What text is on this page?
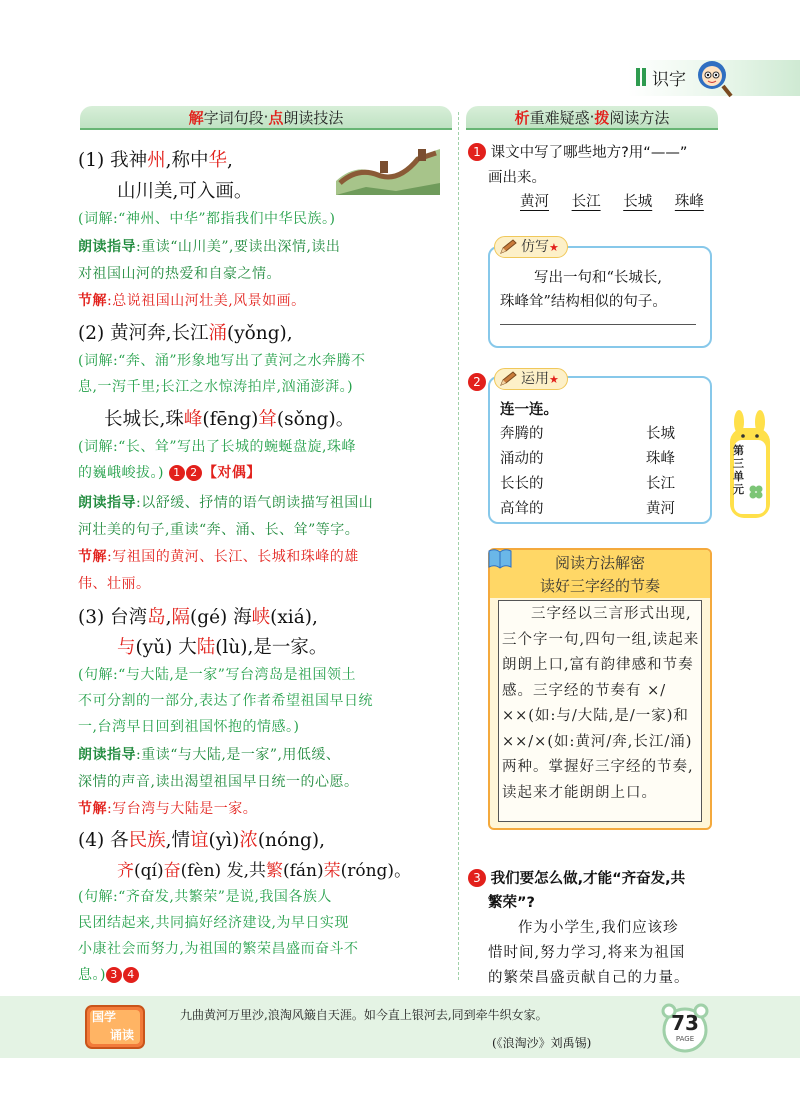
识字
解 字词句段 · 点 朗读技法	析 重难疑惑 · 拨 阅读方法
(1) 我神州,称中华,
山川美,可入画。
(词解:“神州、中华”都指我们中华民族。)
朗读指导:重读“山川美”,要读出深情,读出
对祖国山河的热爱和自豪之情。
节解:总说祖国山河壮美,风景如画。
(2) 黄河奔,长江涌(yǒng),
(词解:“奔、涌”形象地写出了黄河之水奔腾不
息,一泻千里;长江之水惊涛拍岸,汹涌澎湃。)
长城长,珠峰(fēng)耸(sǒng)。
(词解:“长、耸”写出了长城的蜿蜒盘旋,珠峰
的巍峨峻拔。) 1 2 【对偶】
朗读指导:以舒缓、抒情的语气朗读描写祖国山
河壮美的句子,重读“奔、涌、长、耸”等字。
节解:写祖国的黄河、长江、长城和珠峰的雄
伟、壮丽。
(3) 台湾岛,隔(gé) 海峡(xiá),
与(yǔ) 大陆(lù),是一家。
(句解:“与大陆,是一家”写台湾岛是祖国领土
不可分割的一部分,表达了作者希望祖国早日统
一,台湾早日回到祖国怀抱的情感。)
朗读指导:重读“与大陆,是一家”,用低缓、
深情的声音,读出渴望祖国早日统一的心愿。
节解:写台湾与大陆是一家。
(4) 各民族,情谊(yì)浓(nóng),
齐(qí)奋(fèn) 发,共繁(fán)荣(róng)。
(句解:“齐奋发,共繁荣”是说,我国各族人
民团结起来,共同搞好经济建设,为早日实现
小康社会而努力,为祖国的繁荣昌盛而奋斗不
息。) 3 4
1 课文中写了哪些地方?用“——”
画出来。
黄河 长江 长城 珠峰
仿写★
写出一句和“长城长,
珠峰耸”结构相似的句子。
2	运用★
连一连。
奔腾的
涌动的
长长的
高耸的
长城
珠峰
长江
黄河
第
三
单
元
阅读方法解密
读好三字经的节奏
三字经以三言形式出现,三个字一句,四句一组,读起来朗朗上口,富有韵律感和节奏感。三字经的节奏有 ×/××(如:与/大陆,是/一家)和 ××/×(如:黄河/奔,长江/涌)两种。掌握好三字经的节奏,读起来才能朗朗上口。
3 我们要怎么做,才能“齐奋发,共
繁荣”?
作为小学生,我们应该珍
惜时间,努力学习,将来为祖国
的繁荣昌盛贡献自己的力量。
国学
诵读
九曲黄河万里沙,浪淘风簸自天涯。如今直上银河去,同到牵牛织女家。
(《浪淘沙》刘禹锡)
73
PAGE
